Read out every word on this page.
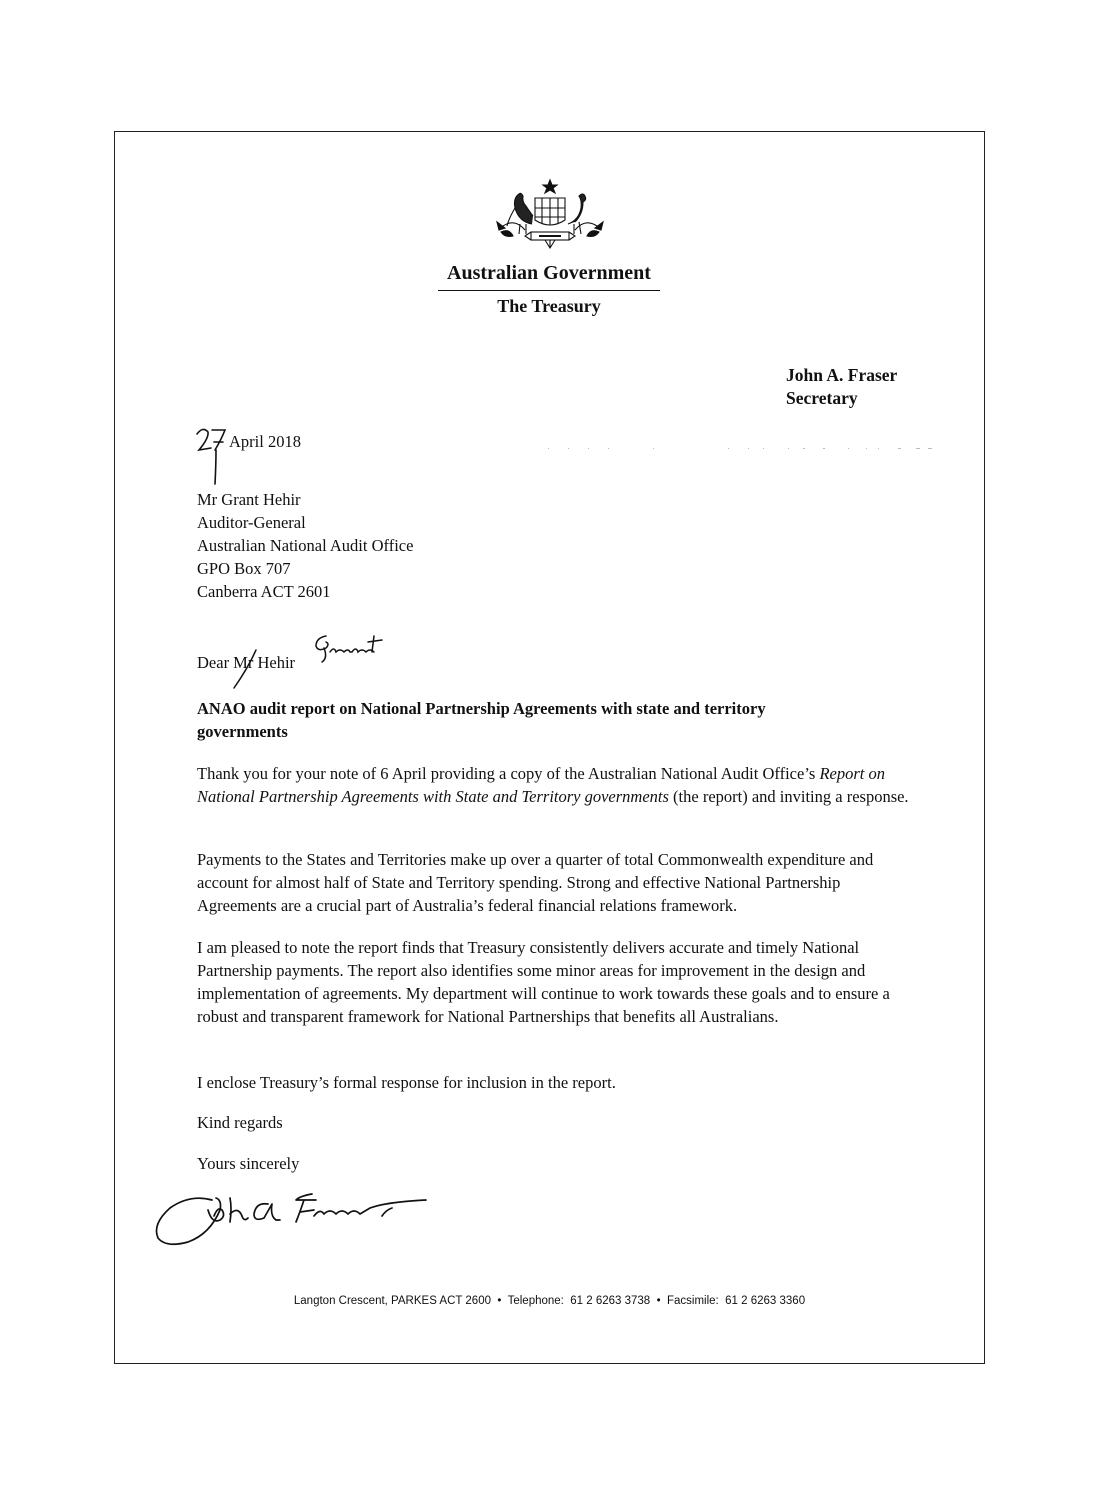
Australian Government
The Treasury
John A. Fraser
Secretary
April 2018
Mr Grant Hehir
Auditor-General
Australian National Audit Office
GPO Box 707
Canberra ACT 2601
Dear Mr Hehir
ANAO audit report on National Partnership Agreements with state and territory governments

Thank you for your note of 6 April providing a copy of the Australian National Audit Office’s Report on National Partnership Agreements with State and Territory governments (the report) and inviting a response.

Payments to the States and Territories make up over a quarter of total Commonwealth expenditure and account for almost half of State and Territory spending. Strong and effective National Partnership Agreements are a crucial part of Australia’s federal financial relations framework.

I am pleased to note the report finds that Treasury consistently delivers accurate and timely National Partnership payments. The report also identifies some minor areas for improvement in the design and implementation of agreements. My department will continue to work towards these goals and to ensure a robust and transparent framework for National Partnerships that benefits all Australians.

I enclose Treasury’s formal response for inclusion in the report.

Kind regards
Yours sincerely
Langton Crescent, PARKES ACT 2600  •  Telephone:  61 2 6263 3738  •  Facsimile:  61 2 6263 3360
